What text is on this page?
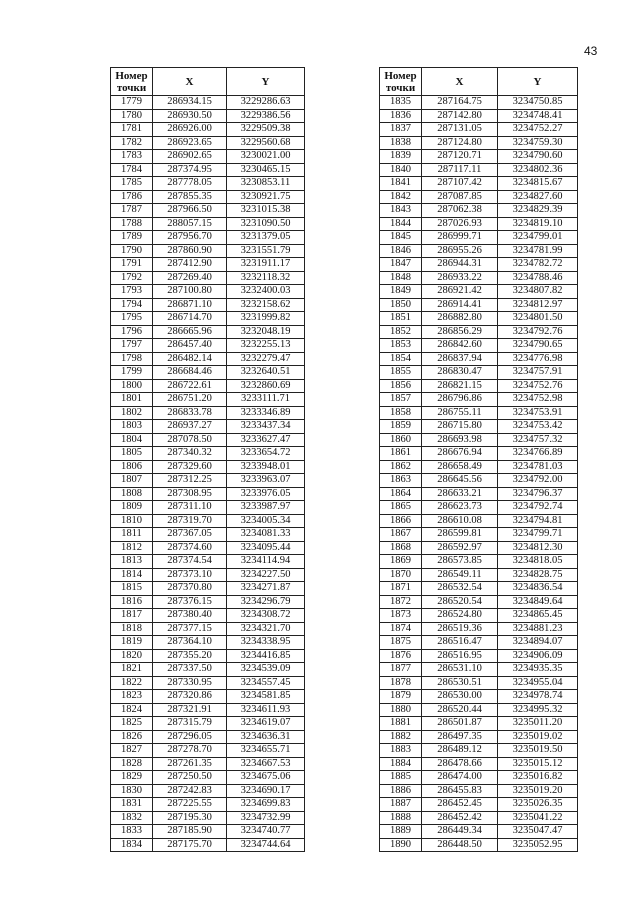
43
Номер точки	X	Y
1779	286934.15	3229286.63
1780	286930.50	3229386.56
1781	286926.00	3229509.38
1782	286923.65	3229560.68
1783	286902.65	3230021.00
1784	287374.95	3230465.15
1785	287778.05	3230853.11
1786	287855.35	3230921.75
1787	287966.50	3231015.38
1788	288057.15	3231090.50
1789	287956.70	3231379.05
1790	287860.90	3231551.79
1791	287412.90	3231911.17
1792	287269.40	3232118.32
1793	287100.80	3232400.03
1794	286871.10	3232158.62
1795	286714.70	3231999.82
1796	286665.96	3232048.19
1797	286457.40	3232255.13
1798	286482.14	3232279.47
1799	286684.46	3232640.51
1800	286722.61	3232860.69
1801	286751.20	3233111.71
1802	286833.78	3233346.89
1803	286937.27	3233437.34
1804	287078.50	3233627.47
1805	287340.32	3233654.72
1806	287329.60	3233948.01
1807	287312.25	3233963.07
1808	287308.95	3233976.05
1809	287311.10	3233987.97
1810	287319.70	3234005.34
1811	287367.05	3234081.33
1812	287374.60	3234095.44
1813	287374.54	3234114.94
1814	287373.10	3234227.50
1815	287370.80	3234271.87
1816	287376.15	3234296.79
1817	287380.40	3234308.72
1818	287377.15	3234321.70
1819	287364.10	3234338.95
1820	287355.20	3234416.85
1821	287337.50	3234539.09
1822	287330.95	3234557.45
1823	287320.86	3234581.85
1824	287321.91	3234611.93
1825	287315.79	3234619.07
1826	287296.05	3234636.31
1827	287278.70	3234655.71
1828	287261.35	3234667.53
1829	287250.50	3234675.06
1830	287242.83	3234690.17
1831	287225.55	3234699.83
1832	287195.30	3234732.99
1833	287185.90	3234740.77
1834	287175.70	3234744.64
Номер точки	X	Y
1835	287164.75	3234750.85
1836	287142.80	3234748.41
1837	287131.05	3234752.27
1838	287124.80	3234759.30
1839	287120.71	3234790.60
1840	287117.11	3234802.36
1841	287107.42	3234815.67
1842	287087.85	3234827.60
1843	287062.38	3234829.39
1844	287026.93	3234819.10
1845	286999.71	3234799.01
1846	286955.26	3234781.99
1847	286944.31	3234782.72
1848	286933.22	3234788.46
1849	286921.42	3234807.82
1850	286914.41	3234812.97
1851	286882.80	3234801.50
1852	286856.29	3234792.76
1853	286842.60	3234790.65
1854	286837.94	3234776.98
1855	286830.47	3234757.91
1856	286821.15	3234752.76
1857	286796.86	3234752.98
1858	286755.11	3234753.91
1859	286715.80	3234753.42
1860	286693.98	3234757.32
1861	286676.94	3234766.89
1862	286658.49	3234781.03
1863	286645.56	3234792.00
1864	286633.21	3234796.37
1865	286623.73	3234792.74
1866	286610.08	3234794.81
1867	286599.81	3234799.71
1868	286592.97	3234812.30
1869	286573.85	3234818.05
1870	286549.11	3234828.75
1871	286532.54	3234836.54
1872	286520.54	3234849.64
1873	286524.80	3234865.45
1874	286519.36	3234881.23
1875	286516.47	3234894.07
1876	286516.95	3234906.09
1877	286531.10	3234935.35
1878	286530.51	3234955.04
1879	286530.00	3234978.74
1880	286520.44	3234995.32
1881	286501.87	3235011.20
1882	286497.35	3235019.02
1883	286489.12	3235019.50
1884	286478.66	3235015.12
1885	286474.00	3235016.82
1886	286455.83	3235019.20
1887	286452.45	3235026.35
1888	286452.42	3235041.22
1889	286449.34	3235047.47
1890	286448.50	3235052.95
